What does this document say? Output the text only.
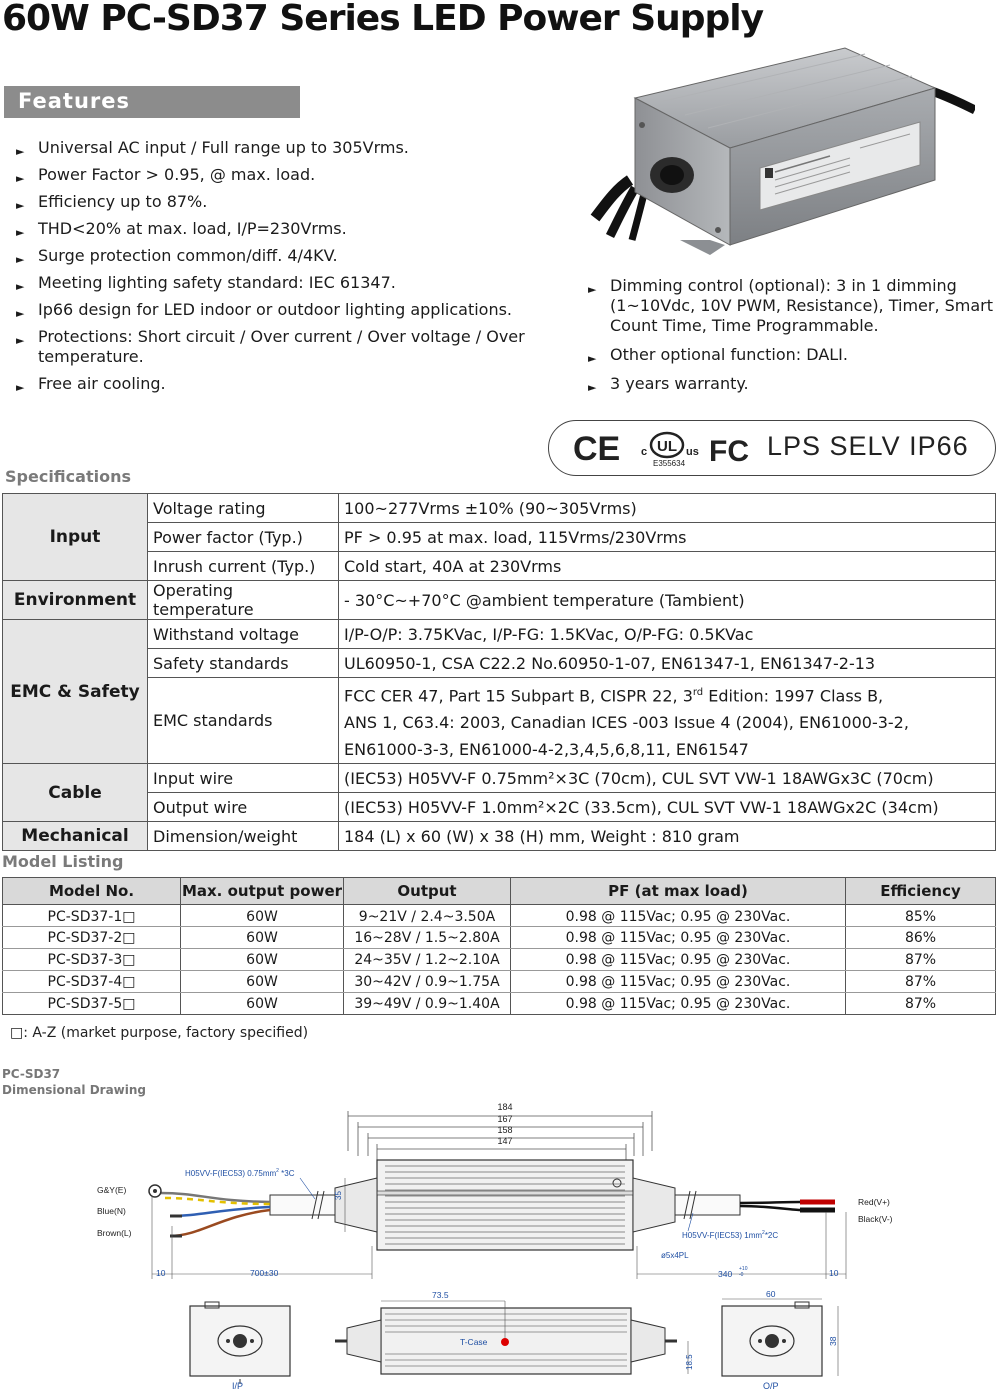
60W PC-SD37 Series LED Power Supply
Features
► Universal AC input / Full range up to 305Vrms.
► Power Factor > 0.95, @ max. load.
► Efficiency up to 87%.
► THD<20% at max. load, I/P=230Vrms.
► Surge protection common/diff. 4/4KV.
► Meeting lighting safety standard: IEC 61347.
► Ip66 design for LED indoor or outdoor lighting applications.
► Protections: Short circuit / Over current / Over voltage / Over temperature.
► Free air cooling.
► Dimming control (optional): 3 in 1 dimming (1~10Vdc, 10V PWM, Resistance), Timer, Smart Count Time, Time Programmable.
► Other optional function: DALI.
► 3 years warranty.
CE c UL us FC
E355634
LPS SELV IP66
Specifications
Input	Voltage rating	100~277Vrms ±10% (90~305Vrms)
	Power factor (Typ.)	PF > 0.95 at max. load, 115Vrms/230Vrms
	Inrush current (Typ.)	Cold start, 40A at 230Vrms
Environment	Operating temperature	- 30°C~+70°C @ambient temperature (Tambient)
EMC & Safety	Withstand voltage	I/P-O/P: 3.75KVac, I/P-FG: 1.5KVac, O/P-FG: 0.5KVac
	Safety standards	UL60950-1, CSA C22.2 No.60950-1-07, EN61347-1, EN61347-2-13
	EMC standards	FCC CER 47, Part 15 Subpart B, CISPR 22, 3rd Edition: 1997 Class B,
ANS 1, C63.4: 2003, Canadian ICES -003 Issue 4 (2004), EN61000-3-2,
EN61000-3-3, EN61000-4-2,3,4,5,6,8,11, EN61547

Cable	Input wire	(IEC53) H05VV-F 0.75mm²×3C (70cm), CUL SVT VW-1 18AWGx3C (70cm)
	Output wire	(IEC53) H05VV-F 1.0mm²×2C (33.5cm), CUL SVT VW-1 18AWGx2C (34cm)
Mechanical	Dimension/weight	184 (L) x 60 (W) x 38 (H) mm, Weight : 810 gram
Model Listing
Model No.	Max. output power	Output	PF (at max load)	Efficiency
PC-SD37-1□	60W	9~21V / 2.4~3.50A	0.98 @ 115Vac; 0.95 @ 230Vac.	85%
PC-SD37-2□	60W	16~28V / 1.5~2.80A	0.98 @ 115Vac; 0.95 @ 230Vac.	86%
PC-SD37-3□	60W	24~35V / 1.2~2.10A	0.98 @ 115Vac; 0.95 @ 230Vac.	87%
PC-SD37-4□	60W	30~42V / 0.9~1.75A	0.98 @ 115Vac; 0.95 @ 230Vac.	87%
PC-SD37-5□	60W	39~49V / 0.9~1.40A	0.98 @ 115Vac; 0.95 @ 230Vac.	87%
□: A-Z (market purpose, factory specified)
PC-SD37
Dimensional Drawing
184
167
158
147
H05VV-F(IEC53) $0.75mm^2$ *3C
H05VV-F(IEC53) $1mm^2*2C$
35
G&Y(E)
Blue(N)
Brown(L)
Red(V+)
Black(V-)
ø5x4PL
10	700±30	340 +10
-0	10
I/P
73.5
T-Case
18.5
60
38
O/P
